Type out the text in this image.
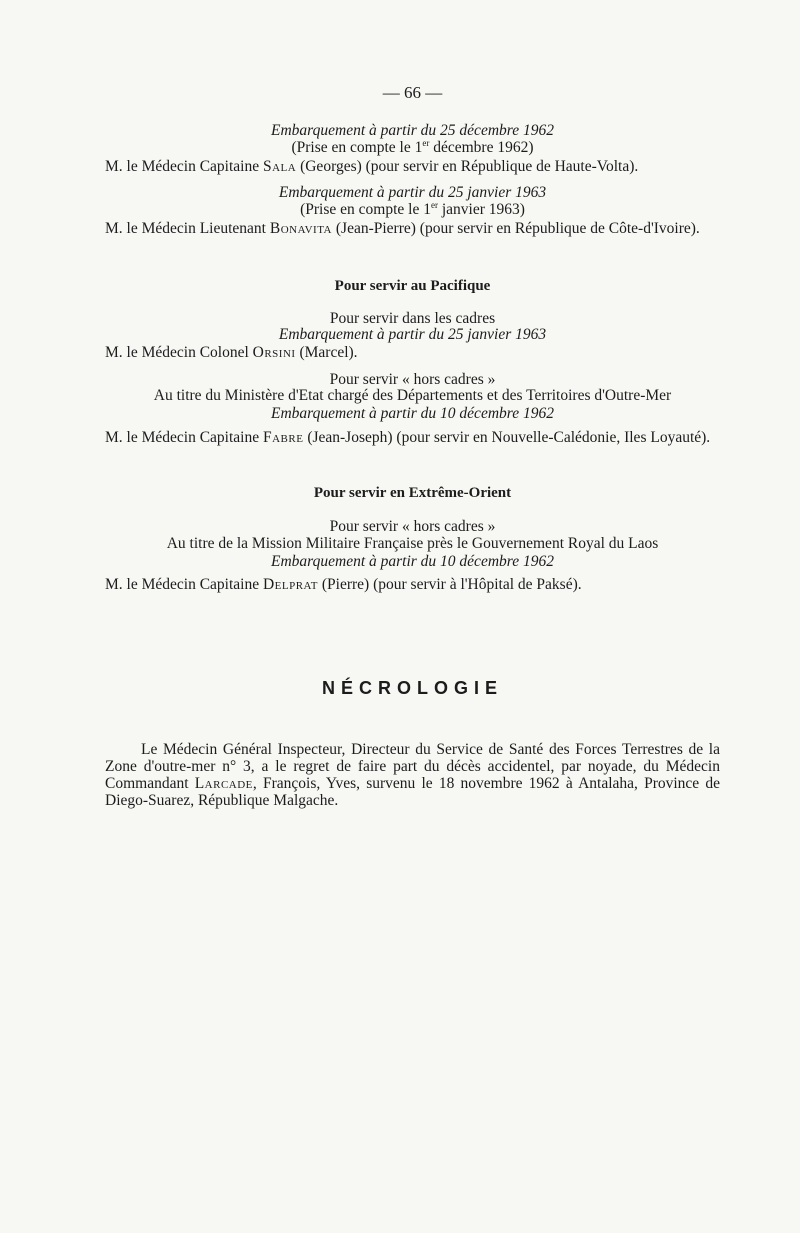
— 66 —
Embarquement à partir du 25 décembre 1962
(Prise en compte le 1er décembre 1962)
M. le Médecin Capitaine Sala (Georges) (pour servir en République de Haute-Volta).
Embarquement à partir du 25 janvier 1963
(Prise en compte le 1er janvier 1963)
M. le Médecin Lieutenant Bonavita (Jean-Pierre) (pour servir en République de Côte-d'Ivoire).
Pour servir au Pacifique
Pour servir dans les cadres
Embarquement à partir du 25 janvier 1963
M. le Médecin Colonel Orsini (Marcel).
Pour servir « hors cadres »
Au titre du Ministère d'Etat chargé des Départements et des Territoires d'Outre-Mer
Embarquement à partir du 10 décembre 1962
M. le Médecin Capitaine Fabre (Jean-Joseph) (pour servir en Nouvelle-Calédonie, Iles Loyauté).
Pour servir en Extrême-Orient
Pour servir « hors cadres »
Au titre de la Mission Militaire Française près le Gouvernement Royal du Laos
Embarquement à partir du 10 décembre 1962
M. le Médecin Capitaine Delprat (Pierre) (pour servir à l'Hôpital de Paksé).
NÉCROLOGIE
Le Médecin Général Inspecteur, Directeur du Service de Santé des Forces Terrestres de la Zone d'outre-mer n° 3, a le regret de faire part du décès accidentel, par noyade, du Médecin Commandant Larcade, François, Yves, survenu le 18 novembre 1962 à Antalaha, Province de Diego-Suarez, République Malgache.
